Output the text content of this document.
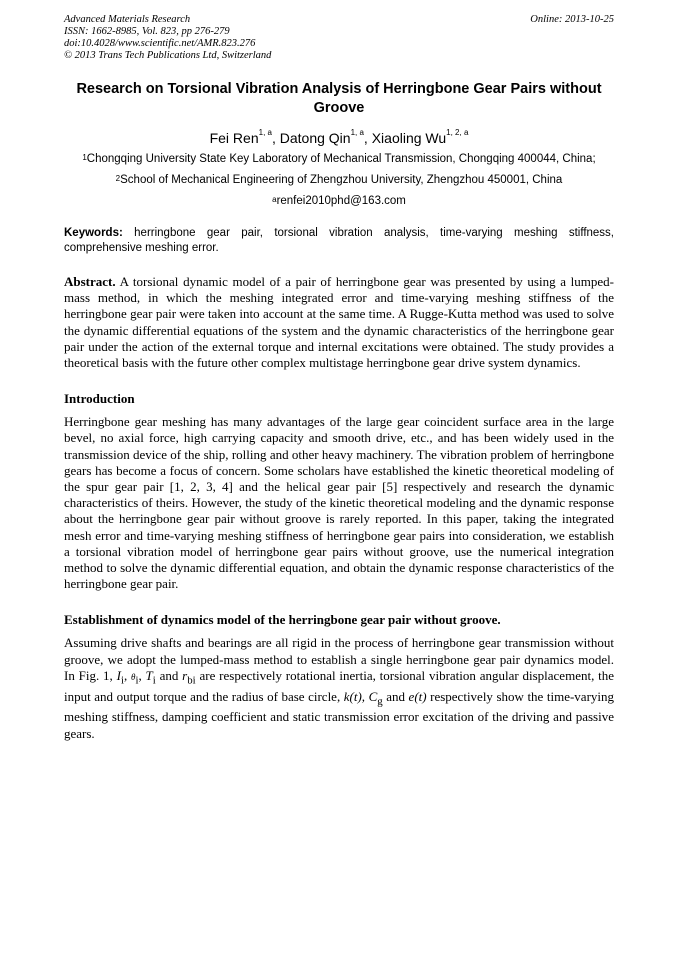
Advanced Materials Research
ISSN: 1662-8985, Vol. 823, pp 276-279
doi:10.4028/www.scientific.net/AMR.823.276
© 2013 Trans Tech Publications Ltd, Switzerland
Online: 2013-10-25
Research on Torsional Vibration Analysis of Herringbone Gear Pairs without Groove
Fei Ren$^{1, a}$, Datong Qin$^{1, a}$, Xiaoling Wu$^{1, 2, a}$
$^1$Chongqing University State Key Laboratory of Mechanical Transmission, Chongqing 400044, China;
$^2$School of Mechanical Engineering of Zhengzhou University, Zhengzhou 450001, China
$^a$renfei2010phd@163.com
Keywords: herringbone gear pair, torsional vibration analysis, time-varying meshing stiffness, comprehensive meshing error.
Abstract. A torsional dynamic model of a pair of herringbone gear was presented by using a lumped-mass method, in which the meshing integrated error and time-varying meshing stiffness of the herringbone gear pair were taken into account at the same time. A Rugge-Kutta method was used to solve the dynamic differential equations of the system and the dynamic characteristics of the herringbone gear pair under the action of the external torque and internal excitations were obtained. The study provides a theoretical basis with the future other complex multistage herringbone gear drive system dynamics.
Introduction
Herringbone gear meshing has many advantages of the large gear coincident surface area in the large bevel, no axial force, high carrying capacity and smooth drive, etc., and has been widely used in the transmission device of the ship, rolling and other heavy machinery. The vibration problem of herringbone gears has become a focus of concern. Some scholars have established the kinetic theoretical modeling of the spur gear pair [1, 2, 3, 4] and the helical gear pair [5] respectively and research the dynamic characteristics of theirs. However, the study of the kinetic theoretical modeling and the dynamic response about the herringbone gear pair without groove is rarely reported. In this paper, taking the integrated mesh error and time-varying meshing stiffness of herringbone gear pairs into consideration, we establish a torsional vibration model of herringbone gear pairs without groove, use the numerical integration method to solve the dynamic differential equation, and obtain the dynamic response characteristics of the herringbone gear pair.
Establishment of dynamics model of the herringbone gear pair without groove.
Assuming drive shafts and bearings are all rigid in the process of herringbone gear transmission without groove, we adopt the lumped-mass method to establish a single herringbone gear pair dynamics model. In Fig. 1, $I_i$, $\theta_i$, $T_i$ and $r_{bi}$ are respectively rotational inertia, torsional vibration angular displacement, the input and output torque and the radius of base circle, k(t), $C_g$ and e(t) respectively show the time-varying meshing stiffness, damping coefficient and static transmission error excitation of the driving and passive gears.
